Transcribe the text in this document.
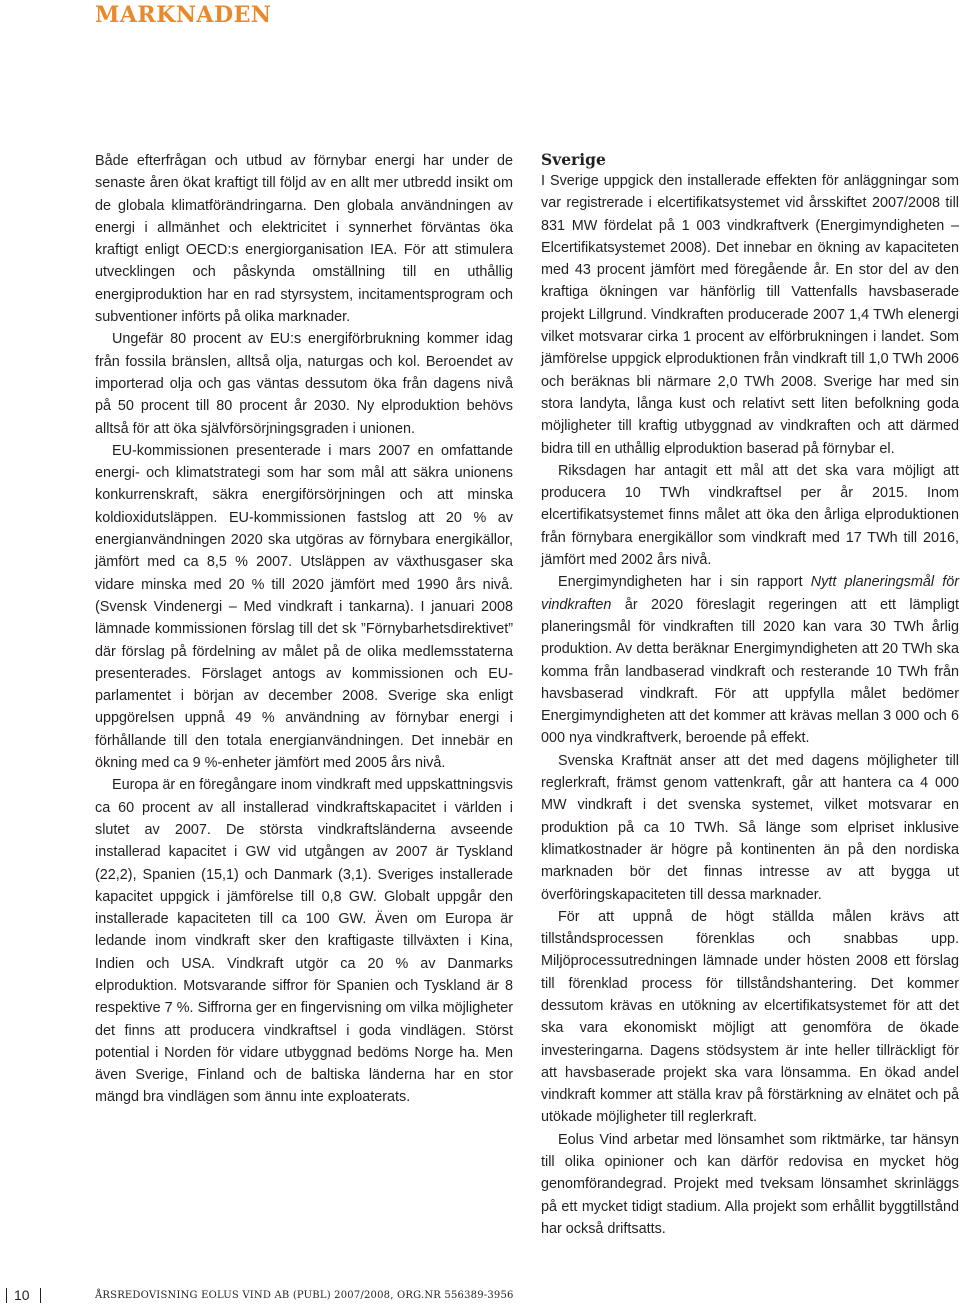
MARKNADEN

Både efterfrågan och utbud av förnybar energi har under de senaste åren ökat kraftigt till följd av en allt mer utbredd insikt om de globala klimatförändringarna. Den globala användningen av energi i allmänhet och elektricitet i synnerhet förväntas öka kraftigt enligt OECD:s energiorganisation IEA. För att stimulera utvecklingen och påskynda omställning till en uthållig energiproduktion har en rad styrsystem, incitamentsprogram och subventioner införts på olika marknader.

Ungefär 80 procent av EU:s energiförbrukning kommer idag från fossila bränslen, alltså olja, naturgas och kol. Beroendet av importerad olja och gas väntas dessutom öka från dagens nivå på 50 procent till 80 procent år 2030. Ny elproduktion behövs alltså för att öka självförsörjningsgraden i unionen.

EU-kommissionen presenterade i mars 2007 en omfattande energi- och klimatstrategi som har som mål att säkra unionens konkurrenskraft, säkra energiförsörjningen och att minska koldioxidutsläppen. EU-kommissionen fastslog att 20 % av energianvändningen 2020 ska utgöras av förnybara energikällor, jämfört med ca 8,5 % 2007. Utsläppen av växthusgaser ska vidare minska med 20 % till 2020 jämfört med 1990 års nivå. (Svensk Vindenergi – Med vindkraft i tankarna). I januari 2008 lämnade kommissionen förslag till det sk ”Förnybarhetsdirektivet” där förslag på fördelning av målet på de olika medlemsstaterna presenterades. Förslaget antogs av kommissionen och EU-parlamentet i början av december 2008. Sverige ska enligt uppgörelsen uppnå 49 % användning av förnybar energi i förhållande till den totala energianvändningen. Det innebär en ökning med ca 9 %-enheter jämfört med 2005 års nivå.

Europa är en föregångare inom vindkraft med uppskattningsvis ca 60 procent av all installerad vindkraftskapacitet i världen i slutet av 2007. De största vindkraftsländerna avseende installerad kapacitet i GW vid utgången av 2007 är Tyskland (22,2), Spanien (15,1) och Danmark (3,1). Sveriges installerade kapacitet uppgick i jämförelse till 0,8 GW. Globalt uppgår den installerade kapaciteten till ca 100 GW. Även om Europa är ledande inom vindkraft sker den kraftigaste tillväxten i Kina, Indien och USA. Vindkraft utgör ca 20 % av Danmarks elproduktion. Motsvarande siffror för Spanien och Tyskland är 8 respektive 7 %. Siffrorna ger en fingervisning om vilka möjligheter det finns att producera vindkraftsel i goda vindlägen. Störst potential i Norden för vidare utbyggnad bedöms Norge ha. Men även Sverige, Finland och de baltiska länderna har en stor mängd bra vindlägen som ännu inte exploaterats.

Sverige

I Sverige uppgick den installerade effekten för anläggningar som var registrerade i elcertifikatsystemet vid årsskiftet 2007/2008 till 831 MW fördelat på 1 003 vindkraftverk (Energimyndigheten – Elcertifikatsystemet 2008). Det innebar en ökning av kapaciteten med 43 procent jämfört med föregående år. En stor del av den kraftiga ökningen var hänförlig till Vattenfalls havsbaserade projekt Lillgrund. Vindkraften producerade 2007 1,4 TWh elenergi vilket motsvarar cirka 1 procent av elförbrukningen i landet. Som jämförelse uppgick elproduktionen från vindkraft till 1,0 TWh 2006 och beräknas bli närmare 2,0 TWh 2008. Sverige har med sin stora landyta, långa kust och relativt sett liten befolkning goda möjligheter till kraftig utbyggnad av vindkraften och att därmed bidra till en uthållig elproduktion baserad på förnybar el.

Riksdagen har antagit ett mål att det ska vara möjligt att producera 10 TWh vindkraftsel per år 2015. Inom elcertifikatsystemet finns målet att öka den årliga elproduktionen från förnybara energikällor som vindkraft med 17 TWh till 2016, jämfört med 2002 års nivå.

Energimyndigheten har i sin rapport Nytt planeringsmål för vindkraften år 2020 föreslagit regeringen att ett lämpligt planeringsmål för vindkraften till 2020 kan vara 30 TWh årlig produktion. Av detta beräknar Energimyndigheten att 20 TWh ska komma från landbaserad vindkraft och resterande 10 TWh från havsbaserad vindkraft. För att uppfylla målet bedömer Energimyndigheten att det kommer att krävas mellan 3 000 och 6 000 nya vindkraftverk, beroende på effekt.

Svenska Kraftnät anser att det med dagens möjligheter till reglerkraft, främst genom vattenkraft, går att hantera ca 4 000 MW vindkraft i det svenska systemet, vilket motsvarar en produktion på ca 10 TWh. Så länge som elpriset inklusive klimatkostnader är högre på kontinenten än på den nordiska marknaden bör det finnas intresse av att bygga ut överföringskapaciteten till dessa marknader.

För att uppnå de högt ställda målen krävs att tillståndsprocessen förenklas och snabbas upp. Miljöprocessutredningen lämnade under hösten 2008 ett förslag till förenklad process för tillståndshantering. Det kommer dessutom krävas en utökning av elcertifikatsystemet för att det ska vara ekonomiskt möjligt att genomföra de ökade investeringarna. Dagens stödsystem är inte heller tillräckligt för att havsbaserade projekt ska vara lönsamma. En ökad andel vindkraft kommer att ställa krav på förstärkning av elnätet och på utökade möjligheter till reglerkraft.

Eolus Vind arbetar med lönsamhet som riktmärke, tar hänsyn till olika opinioner och kan därför redovisa en mycket hög genomförandegrad. Projekt med tveksam lönsamhet skrinläggs på ett mycket tidigt stadium. Alla projekt som erhållit byggtillstånd har också driftsatts.

10	ÅRSREDOVISNING EOLUS VIND AB (PUBL) 2007/2008, ORG.NR 556389-3956
